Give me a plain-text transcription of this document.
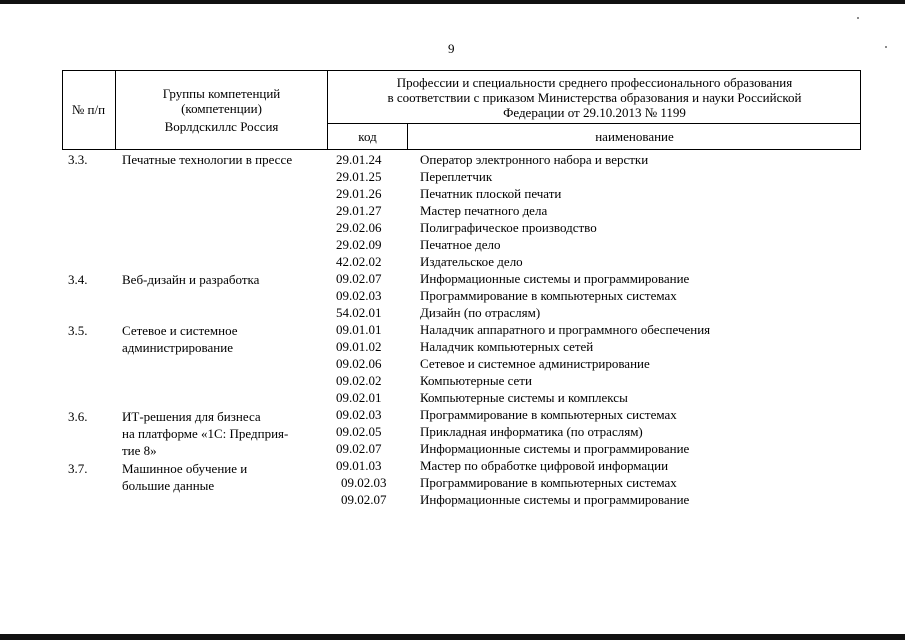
9
№ п/п
Группы компетенций
(компетенции)
Ворлдскиллс Россия
Профессии и специальности среднего профессионального образования
в соответствии с приказом Министерства образования и науки Российской
Федерации от 29.10.2013 № 1199
код	наименование
3.3.
3.4.
3.5.
3.6.
3.7.
Печатные технологии в прессе
Веб-дизайн и разработка
Сетевое и системное
администрирование
ИТ-решения для бизнеса
на платформе «1С: Предприя-
тие 8»
Машинное обучение и
большие данные
29.01.24
29.01.25
29.01.26
29.01.27
29.02.06
29.02.09
42.02.02
09.02.07
09.02.03
54.02.01
09.01.01
09.01.02
09.02.06
09.02.02
09.02.01
09.02.03
09.02.05
09.02.07
09.01.03
09.02.03
09.02.07
Оператор электронного набора и верстки
Переплетчик
Печатник плоской печати
Мастер печатного дела
Полиграфическое производство
Печатное дело
Издательское дело
Информационные системы и программирование
Программирование в компьютерных системах
Дизайн (по отраслям)
Наладчик аппаратного и программного обеспечения
Наладчик компьютерных сетей
Сетевое и системное администрирование
Компьютерные сети
Компьютерные системы и комплексы
Программирование в компьютерных системах
Прикладная информатика (по отраслям)
Информационные системы и программирование
Мастер по обработке цифровой информации
Программирование в компьютерных системах
Информационные системы и программирование
